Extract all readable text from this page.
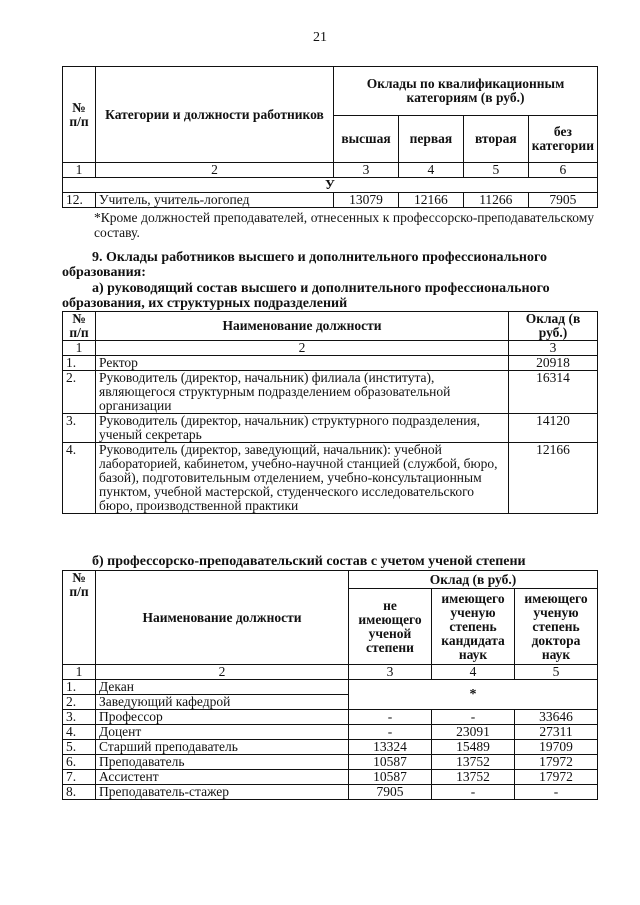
21
№ п/п	Категории и должности работников	Оклады по квалификационным категориям (в руб.)			
		высшая	первая	вторая	без категории
1	2	3	4	5	6
У					
12.	Учитель, учитель-логопед	13079	12166	11266	7905
*Кроме должностей преподавателей, отнесенных к профессорско-преподавательскому составу.
9. Оклады работников высшего и дополнительного профессионального образования:
а) руководящий состав высшего и дополнительного профессионального образования, их структурных подразделений
№ п/п	Наименование должности	Оклад (в руб.)
1	2	3
1.	Ректор	20918
2.	Руководитель (директор, начальник) филиала (института), являющегося структурным подразделением образовательной организации	16314
3.	Руководитель (директор, начальник) структурного подразделения, ученый секретарь	14120
4.	Руководитель (директор, заведующий, начальник): учебной лабораторией, кабинетом, учебно-научной станцией (службой, бюро, базой), подготовительным отделением, учебно-консультационным пунктом, учебной мастерской, студенческого исследовательского бюро, производственной практики	12166
б) профессорско-преподавательский состав с учетом ученой степени
№ п/п	Наименование должности	Оклад (в руб.)		
		не имеющего ученой степени	имеющего ученую степень кандидата наук	имеющего ученую степень доктора наук
1	2	3	4	5
1.	Декан	*		
2.	Заведующий кафедрой			
3.	Профессор	-	-	33646
4.	Доцент	-	23091	27311
5.	Старший преподаватель	13324	15489	19709
6.	Преподаватель	10587	13752	17972
7.	Ассистент	10587	13752	17972
8.	Преподаватель-стажер	7905	-	-
